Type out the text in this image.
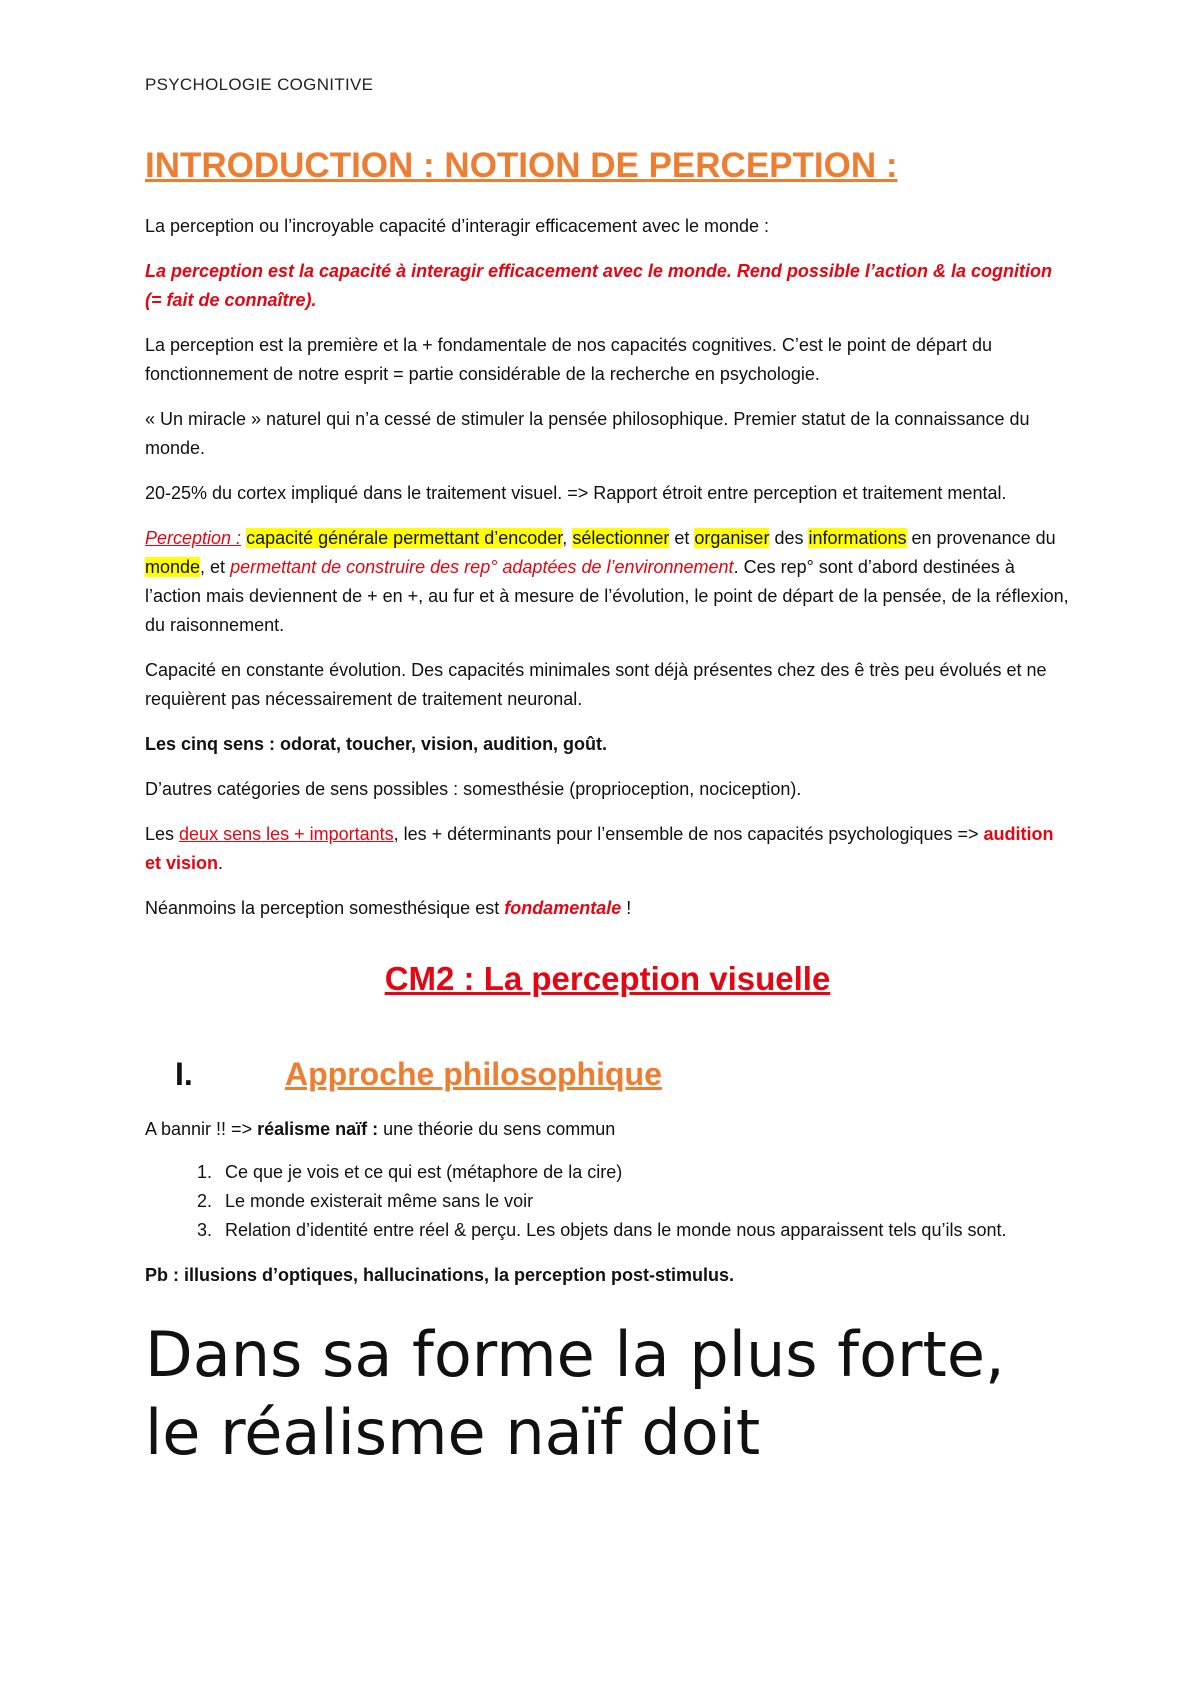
PSYCHOLOGIE COGNITIVE

INTRODUCTION : NOTION DE PERCEPTION :

La perception ou l’incroyable capacité d’interagir efficacement avec le monde :

La perception est la capacité à interagir efficacement avec le monde. Rend possible l’action & la cognition (= fait de connaître).

La perception est la première et la + fondamentale de nos capacités cognitives. C’est le point de départ du fonctionnement de notre esprit = partie considérable de la recherche en psychologie.

« Un miracle » naturel qui n’a cessé de stimuler la pensée philosophique. Premier statut de la connaissance du monde.

20-25% du cortex impliqué dans le traitement visuel. => Rapport étroit entre perception et traitement mental.

Perception : capacité générale permettant d’encoder, sélectionner et organiser des informations en provenance du monde, et permettant de construire des rep° adaptées de l’environnement. Ces rep° sont d’abord destinées à l’action mais deviennent de + en +, au fur et à mesure de l’évolution, le point de départ de la pensée, de la réflexion, du raisonnement.

Capacité en constante évolution. Des capacités minimales sont déjà présentes chez des ê très peu évolués et ne requièrent pas nécessairement de traitement neuronal.

Les cinq sens : odorat, toucher, vision, audition, goût.

D’autres catégories de sens possibles : somesthésie (proprioception, nociception).

Les deux sens les + importants, les + déterminants pour l’ensemble de nos capacités psychologiques => audition et vision.

Néanmoins la perception somesthésique est fondamentale !

CM2 : La perception visuelle
I.	Approche philosophique

A bannir !! => réalisme naïf : une théorie du sens commun

1. Ce que je vois et ce qui est (métaphore de la cire)
2. Le monde existerait même sans le voir
3. Relation d’identité entre réel & perçu. Les objets dans le monde nous apparaissent tels qu’ils sont.

Pb : illusions d’optiques, hallucinations, la perception post-stimulus.

Dans sa forme la plus forte, le réalisme naïf doit
